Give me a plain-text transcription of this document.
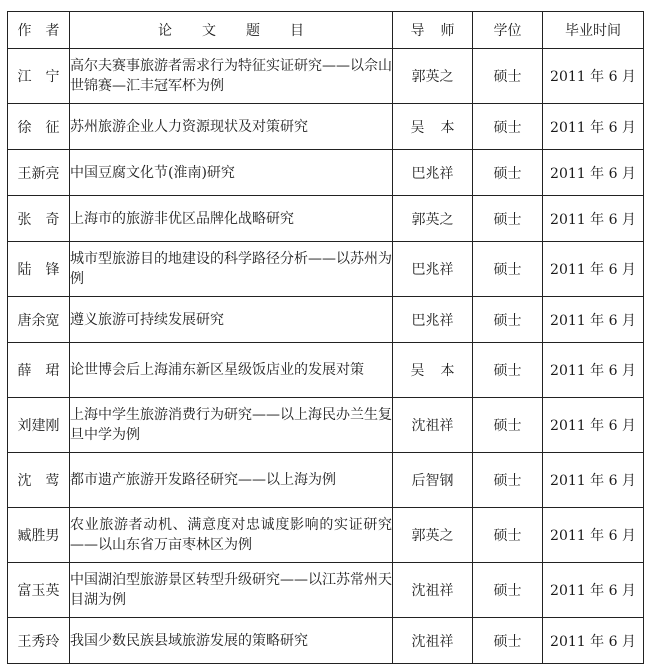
作者	论文题目	导师	学位	毕业时间
江宁	高尔夫赛事旅游者需求行为特征实证研究——以佘山世锦赛—汇丰冠军杯为例	郭英之	硕士	2011 年 6 月
徐征	苏州旅游企业人力资源现状及对策研究	吴本	硕士	2011 年 6 月
王新亮	中国豆腐文化节(淮南)研究	巴兆祥	硕士	2011 年 6 月
张奇	上海市的旅游非优区品牌化战略研究	郭英之	硕士	2011 年 6 月
陆锋	城市型旅游目的地建设的科学路径分析——以苏州为例	巴兆祥	硕士	2011 年 6 月
唐余宽	遵义旅游可持续发展研究	巴兆祥	硕士	2011 年 6 月
薛珺	论世博会后上海浦东新区星级饭店业的发展对策	吴本	硕士	2011 年 6 月
刘建刚	上海中学生旅游消费行为研究——以上海民办兰生复旦中学为例	沈祖祥	硕士	2011 年 6 月
沈莺	都市遗产旅游开发路径研究——以上海为例	后智钢	硕士	2011 年 6 月
臧胜男	农业旅游者动机、满意度对忠诚度影响的实证研究——以山东省万亩枣林区为例	郭英之	硕士	2011 年 6 月
富玉英	中国湖泊型旅游景区转型升级研究——以江苏常州天目湖为例	沈祖祥	硕士	2011 年 6 月
王秀玲	我国少数民族县域旅游发展的策略研究	沈祖祥	硕士	2011 年 6 月
